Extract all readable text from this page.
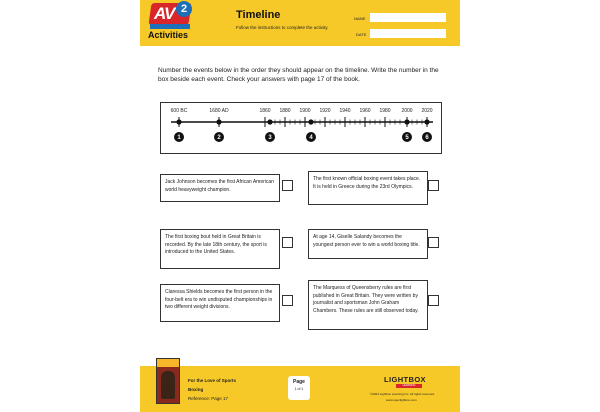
AV 2
Activities
Timeline
Follow the instructions to complete the activity.
NAME
DATE

Number the events below in the order they should appear on the timeline. Write the number in the box beside each event. Check your answers with page 17 of the book.

600 BC	1680 AD	1860 1880 1900 1920 1940 1960 1980 2000 2020
1	2	3	4	5	6
Jack Johnson becomes the first African American world heavyweight champion.
The first known official boxing event takes place. It is held in Greece during the 23rd Olympics.
The first boxing bout held in Great Britain is recorded. By the late 18th century, the sport is introduced to the United States.
At age 14, Giselle Salandy becomes the youngest person ever to win a world boxing title.
Claressa Shields becomes the first person in the four-belt era to win undisputed championships in two different weight divisions.
The Marquess of Queensberry rules are first published in Great Britain. They were written by journalist and sportsman John Graham Chambers. These rules are still observed today.
For the Love of Sports
Boxing
Reference: Page 17
Page
1 of 1
LIGHTBOX
LEARNING
©2023 Lightbox Learning Inc. All rights reserved.
www.openlightbox.com
